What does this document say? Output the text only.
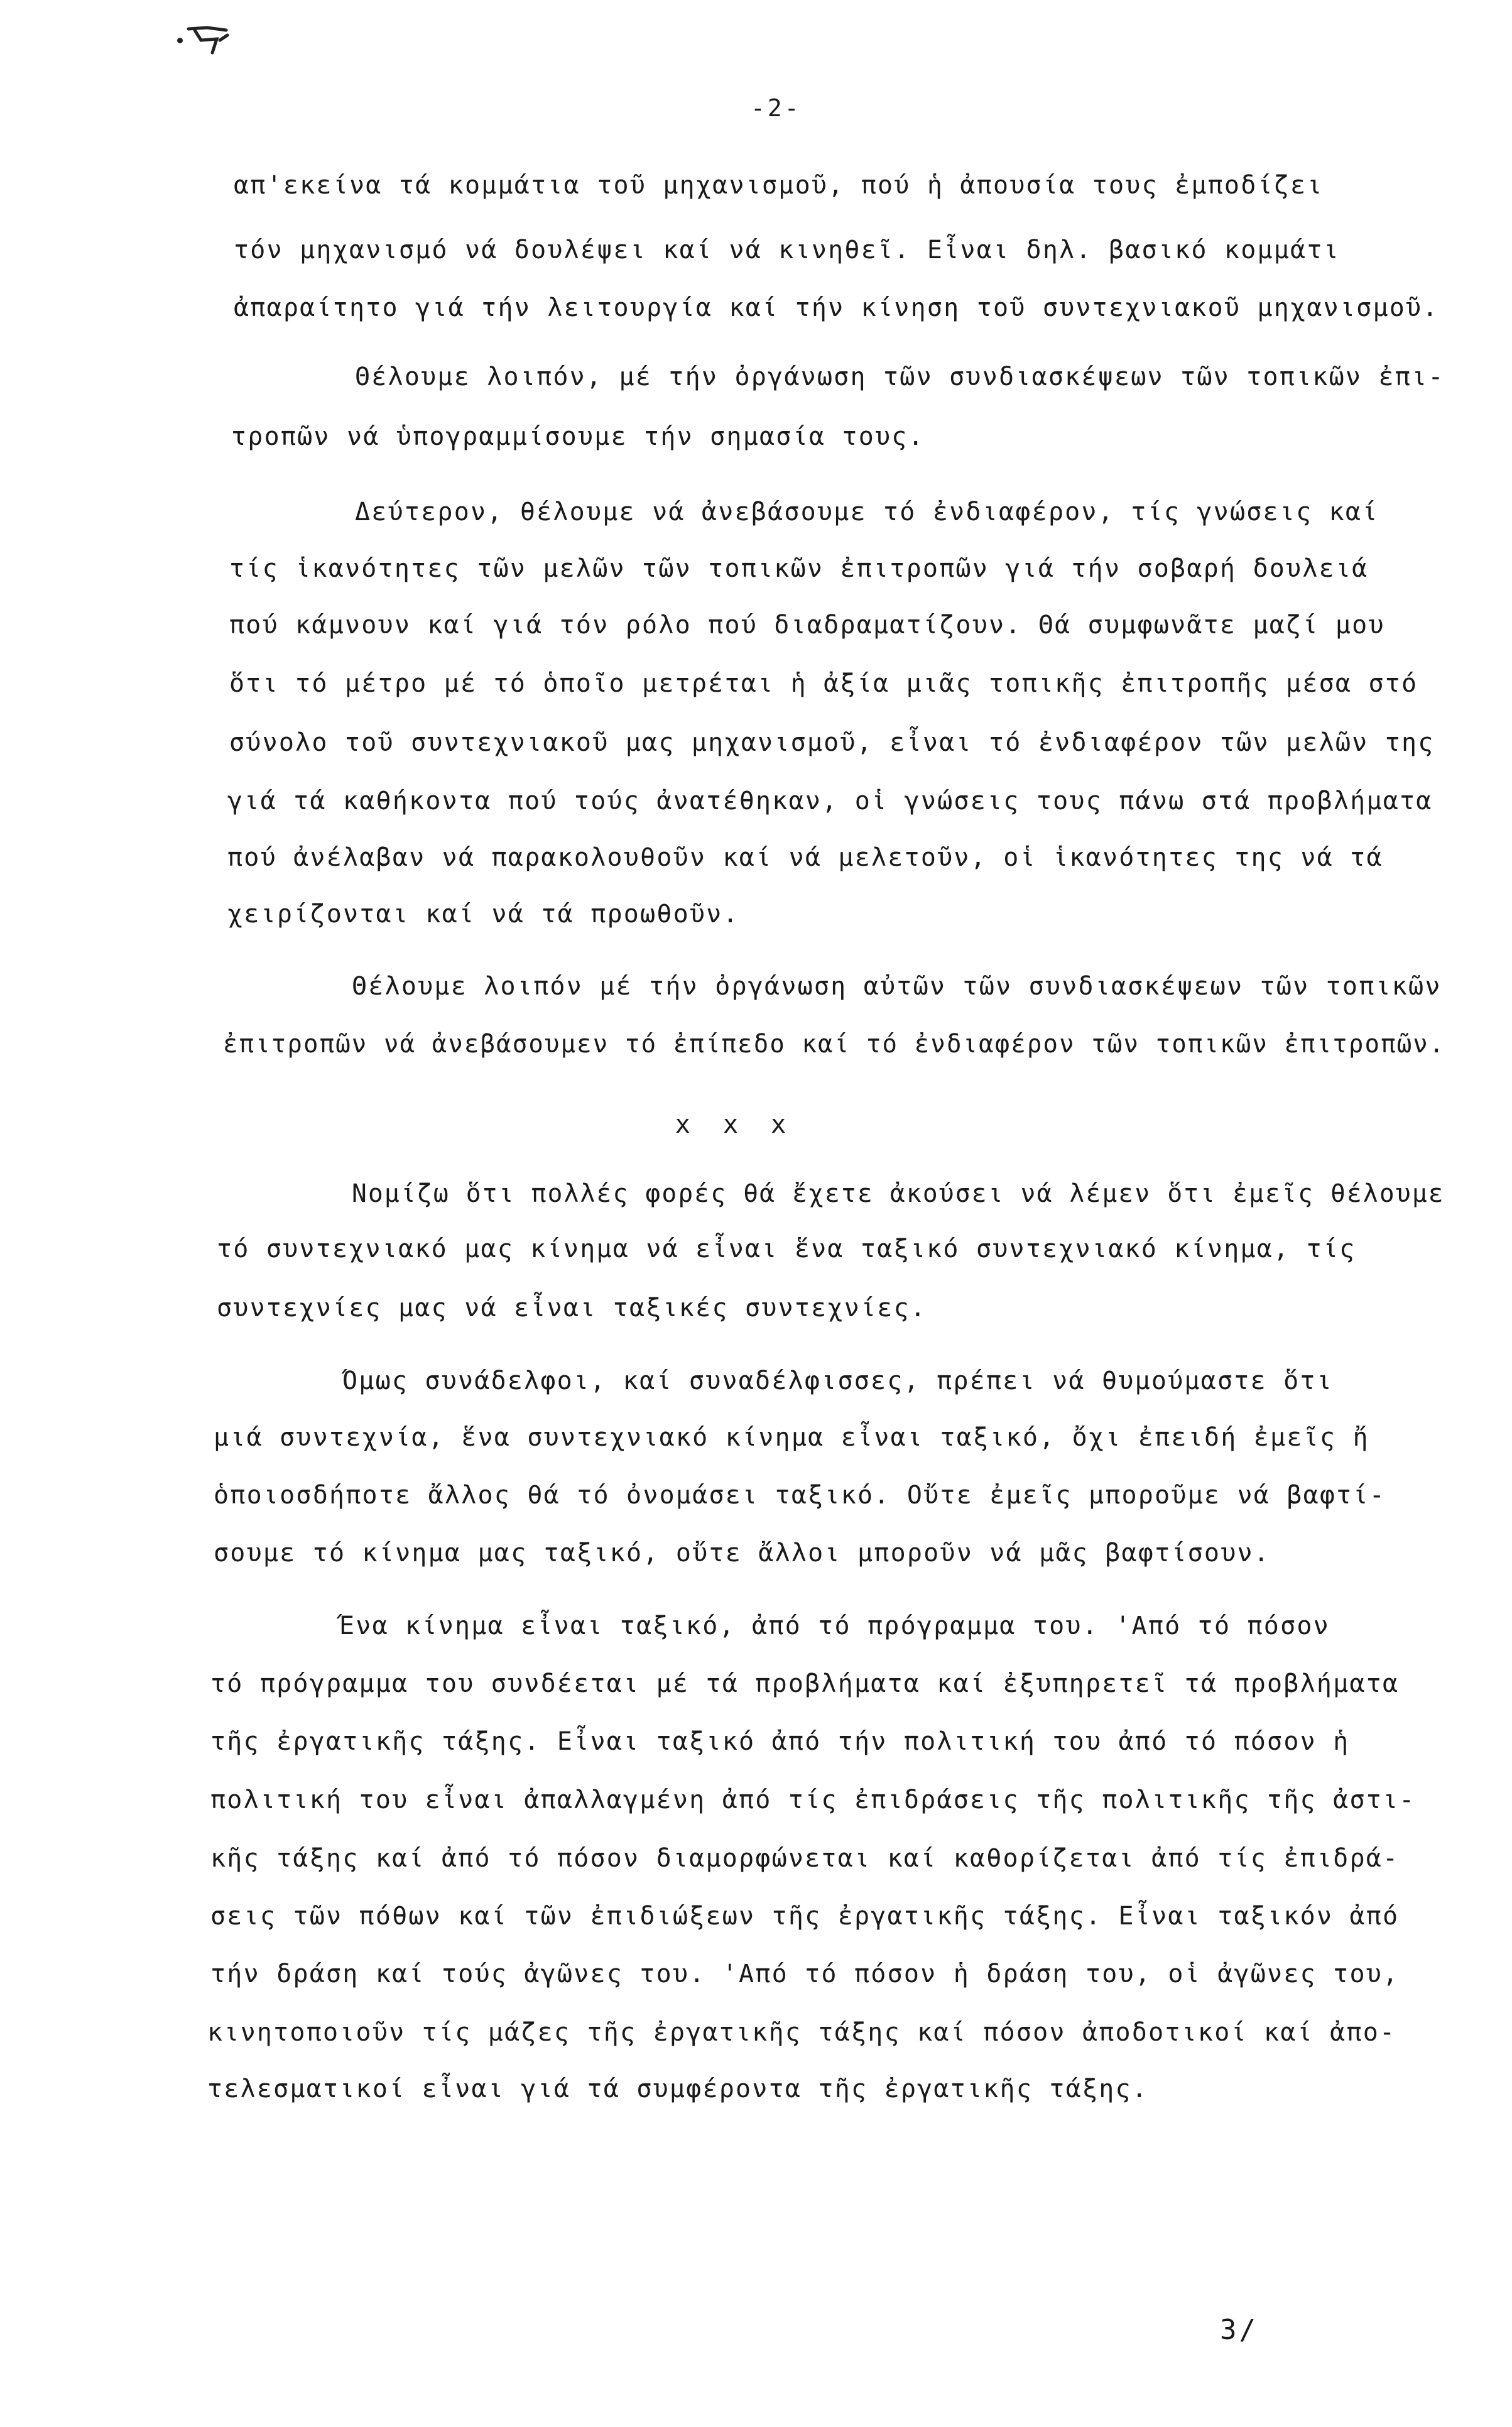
-2-
απ'εκείνα τά κομμάτια τοῦ μηχανισμοῦ, πού ἡ ἀπουσία τους ἐμποδίζει
τόν μηχανισμό νά δουλέψει καί νά κινηθεῖ. Εἶναι δηλ. βασικό κομμάτι
ἀπαραίτητο γιά τήν λειτουργία καί τήν κίνηση τοῦ συντεχνιακοῦ μηχανισμοῦ.
Θέλουμε λοιπόν, μέ τήν ὀργάνωση τῶν συνδιασκέψεων τῶν τοπικῶν ἐπι-
τροπῶν νά ὑπογραμμίσουμε τήν σημασία τους.
Δεύτερον, θέλουμε νά ἀνεβάσουμε τό ἐνδιαφέρον, τίς γνώσεις καί
τίς ἱκανότητες τῶν μελῶν τῶν τοπικῶν ἐπιτροπῶν γιά τήν σοβαρή δουλειά
πού κάμνουν καί γιά τόν ρόλο πού διαδραματίζουν. Θά συμφωνᾶτε μαζί μου
ὅτι τό μέτρο μέ τό ὁποῖο μετρέται ἡ ἀξία μιᾶς τοπικῆς ἐπιτροπῆς μέσα στό
σύνολο τοῦ συντεχνιακοῦ μας μηχανισμοῦ, εἶναι τό ἐνδιαφέρον τῶν μελῶν της
γιά τά καθήκοντα πού τούς ἀνατέθηκαν, οἱ γνώσεις τους πάνω στά προβλήματα
πού ἀνέλαβαν νά παρακολουθοῦν καί νά μελετοῦν, οἱ ἱκανότητες της νά τά
χειρίζονται καί νά τά προωθοῦν.
Θέλουμε λοιπόν μέ τήν ὀργάνωση αὐτῶν τῶν συνδιασκέψεων τῶν τοπικῶν
ἐπιτροπῶν νά ἀνεβάσουμεν τό ἐπίπεδο καί τό ἐνδιαφέρον τῶν τοπικῶν ἐπιτροπῶν.
x x x
Νομίζω ὅτι πολλές φορές θά ἔχετε ἀκούσει νά λέμεν ὅτι ἐμεῖς θέλουμε
τό συντεχνιακό μας κίνημα νά εἶναι ἕνα ταξικό συντεχνιακό κίνημα, τίς
συντεχνίες μας νά εἶναι ταξικές συντεχνίες.
Όμως συνάδελφοι, καί συναδέλφισσες, πρέπει νά θυμούμαστε ὅτι
μιά συντεχνία, ἕνα συντεχνιακό κίνημα εἶναι ταξικό, ὄχι ἐπειδή ἐμεῖς ἤ
ὁποιοσδήποτε ἄλλος θά τό ὀνομάσει ταξικό. Οὔτε ἐμεῖς μποροῦμε νά βαφτί-
σουμε τό κίνημα μας ταξικό, οὔτε ἄλλοι μποροῦν νά μᾶς βαφτίσουν.
Ένα κίνημα εἶναι ταξικό, ἀπό τό πρόγραμμα του. 'Από τό πόσον
τό πρόγραμμα του συνδέεται μέ τά προβλήματα καί ἐξυπηρετεῖ τά προβλήματα
τῆς ἐργατικῆς τάξης. Εἶναι ταξικό ἀπό τήν πολιτική του ἀπό τό πόσον ἡ
πολιτική του εἶναι ἀπαλλαγμένη ἀπό τίς ἐπιδράσεις τῆς πολιτικῆς τῆς ἀστι-
κῆς τάξης καί ἀπό τό πόσον διαμορφώνεται καί καθορίζεται ἀπό τίς ἐπιδρά-
σεις τῶν πόθων καί τῶν ἐπιδιώξεων τῆς ἐργατικῆς τάξης. Εἶναι ταξικόν ἀπό
τήν δράση καί τούς ἀγῶνες του. 'Από τό πόσον ἡ δράση του, οἱ ἀγῶνες του,
κινητοποιοῦν τίς μάζες τῆς ἐργατικῆς τάξης καί πόσον ἀποδοτικοί καί ἀπο-
τελεσματικοί εἶναι γιά τά συμφέροντα τῆς ἐργατικῆς τάξης.
3/
